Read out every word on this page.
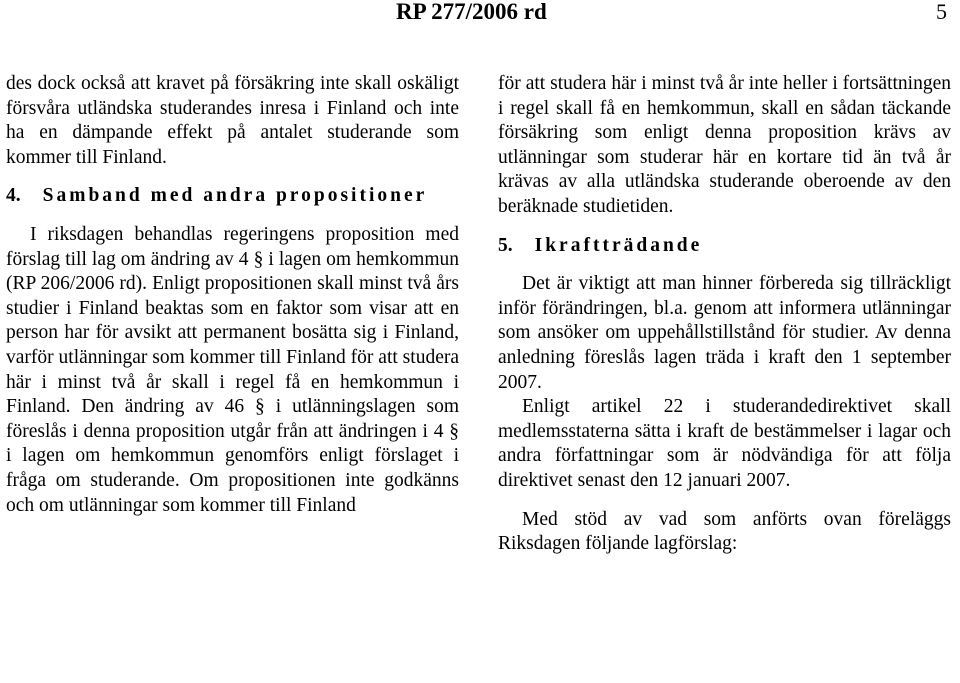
RP 277/2006 rd	5

des dock också att kravet på försäkring inte skall oskäligt försvåra utländska studerandes inresa i Finland och inte ha en dämpande effekt på antalet studerande som kommer till Finland.

4. Samband med andra propositioner

I riksdagen behandlas regeringens proposition med förslag till lag om ändring av 4 § i lagen om hemkommun (RP 206/2006 rd). Enligt propositionen skall minst två års studier i Finland beaktas som en faktor som visar att en person har för avsikt att permanent bosätta sig i Finland, varför utlänningar som kommer till Finland för att studera här i minst två år skall i regel få en hemkommun i Finland. Den ändring av 46 § i utlänningslagen som föreslås i denna proposition utgår från att ändringen i 4 § i lagen om hemkommun genomförs enligt förslaget i fråga om studerande. Om propositionen inte godkänns och om utlänningar som kommer till Finland

för att studera här i minst två år inte heller i fortsättningen i regel skall få en hemkommun, skall en sådan täckande försäkring som enligt denna proposition krävs av utlänningar som studerar här en kortare tid än två år krävas av alla utländska studerande oberoende av den beräknade studietiden.

5. Ikraftträdande

Det är viktigt att man hinner förbereda sig tillräckligt inför förändringen, bl.a. genom att informera utlänningar som ansöker om uppehållstillstånd för studier. Av denna anledning föreslås lagen träda i kraft den 1 september 2007.

Enligt artikel 22 i studerandedirektivet skall medlemsstaterna sätta i kraft de bestämmelser i lagar och andra författningar som är nödvändiga för att följa direktivet senast den 12 januari 2007.

Med stöd av vad som anförts ovan föreläggs Riksdagen följande lagförslag:
